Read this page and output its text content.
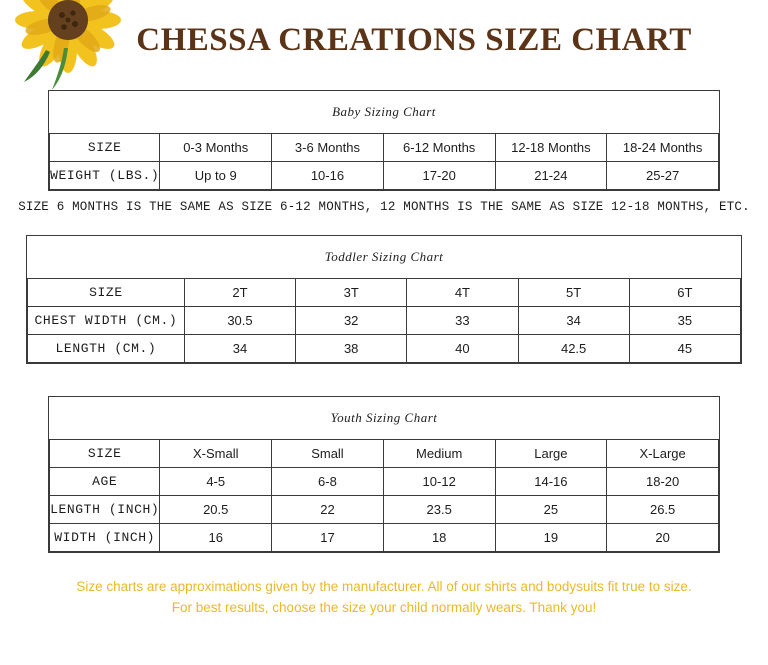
CHESSA CREATIONS SIZE CHART
Baby Sizing Chart					
SIZE	0-3 Months	3-6 Months	6-12 Months	12-18 Months	18-24 Months
WEIGHT (LBS.)	Up to 9	10-16	17-20	21-24	25-27
SIZE 6 MONTHS IS THE SAME AS SIZE 6-12 MONTHS, 12 MONTHS IS THE SAME AS SIZE 12-18 MONTHS, ETC.
Toddler Sizing Chart					
SIZE	2T	3T	4T	5T	6T
CHEST WIDTH (CM.)	30.5	32	33	34	35
LENGTH (CM.)	34	38	40	42.5	45
Youth Sizing Chart					
SIZE	X-Small	Small	Medium	Large	X-Large
AGE	4-5	6-8	10-12	14-16	18-20
LENGTH (INCH)	20.5	22	23.5	25	26.5
WIDTH (INCH)	16	17	18	19	20
Size charts are approximations given by the manufacturer. All of our shirts and bodysuits fit true to size.
For best results, choose the size your child normally wears. Thank you!
